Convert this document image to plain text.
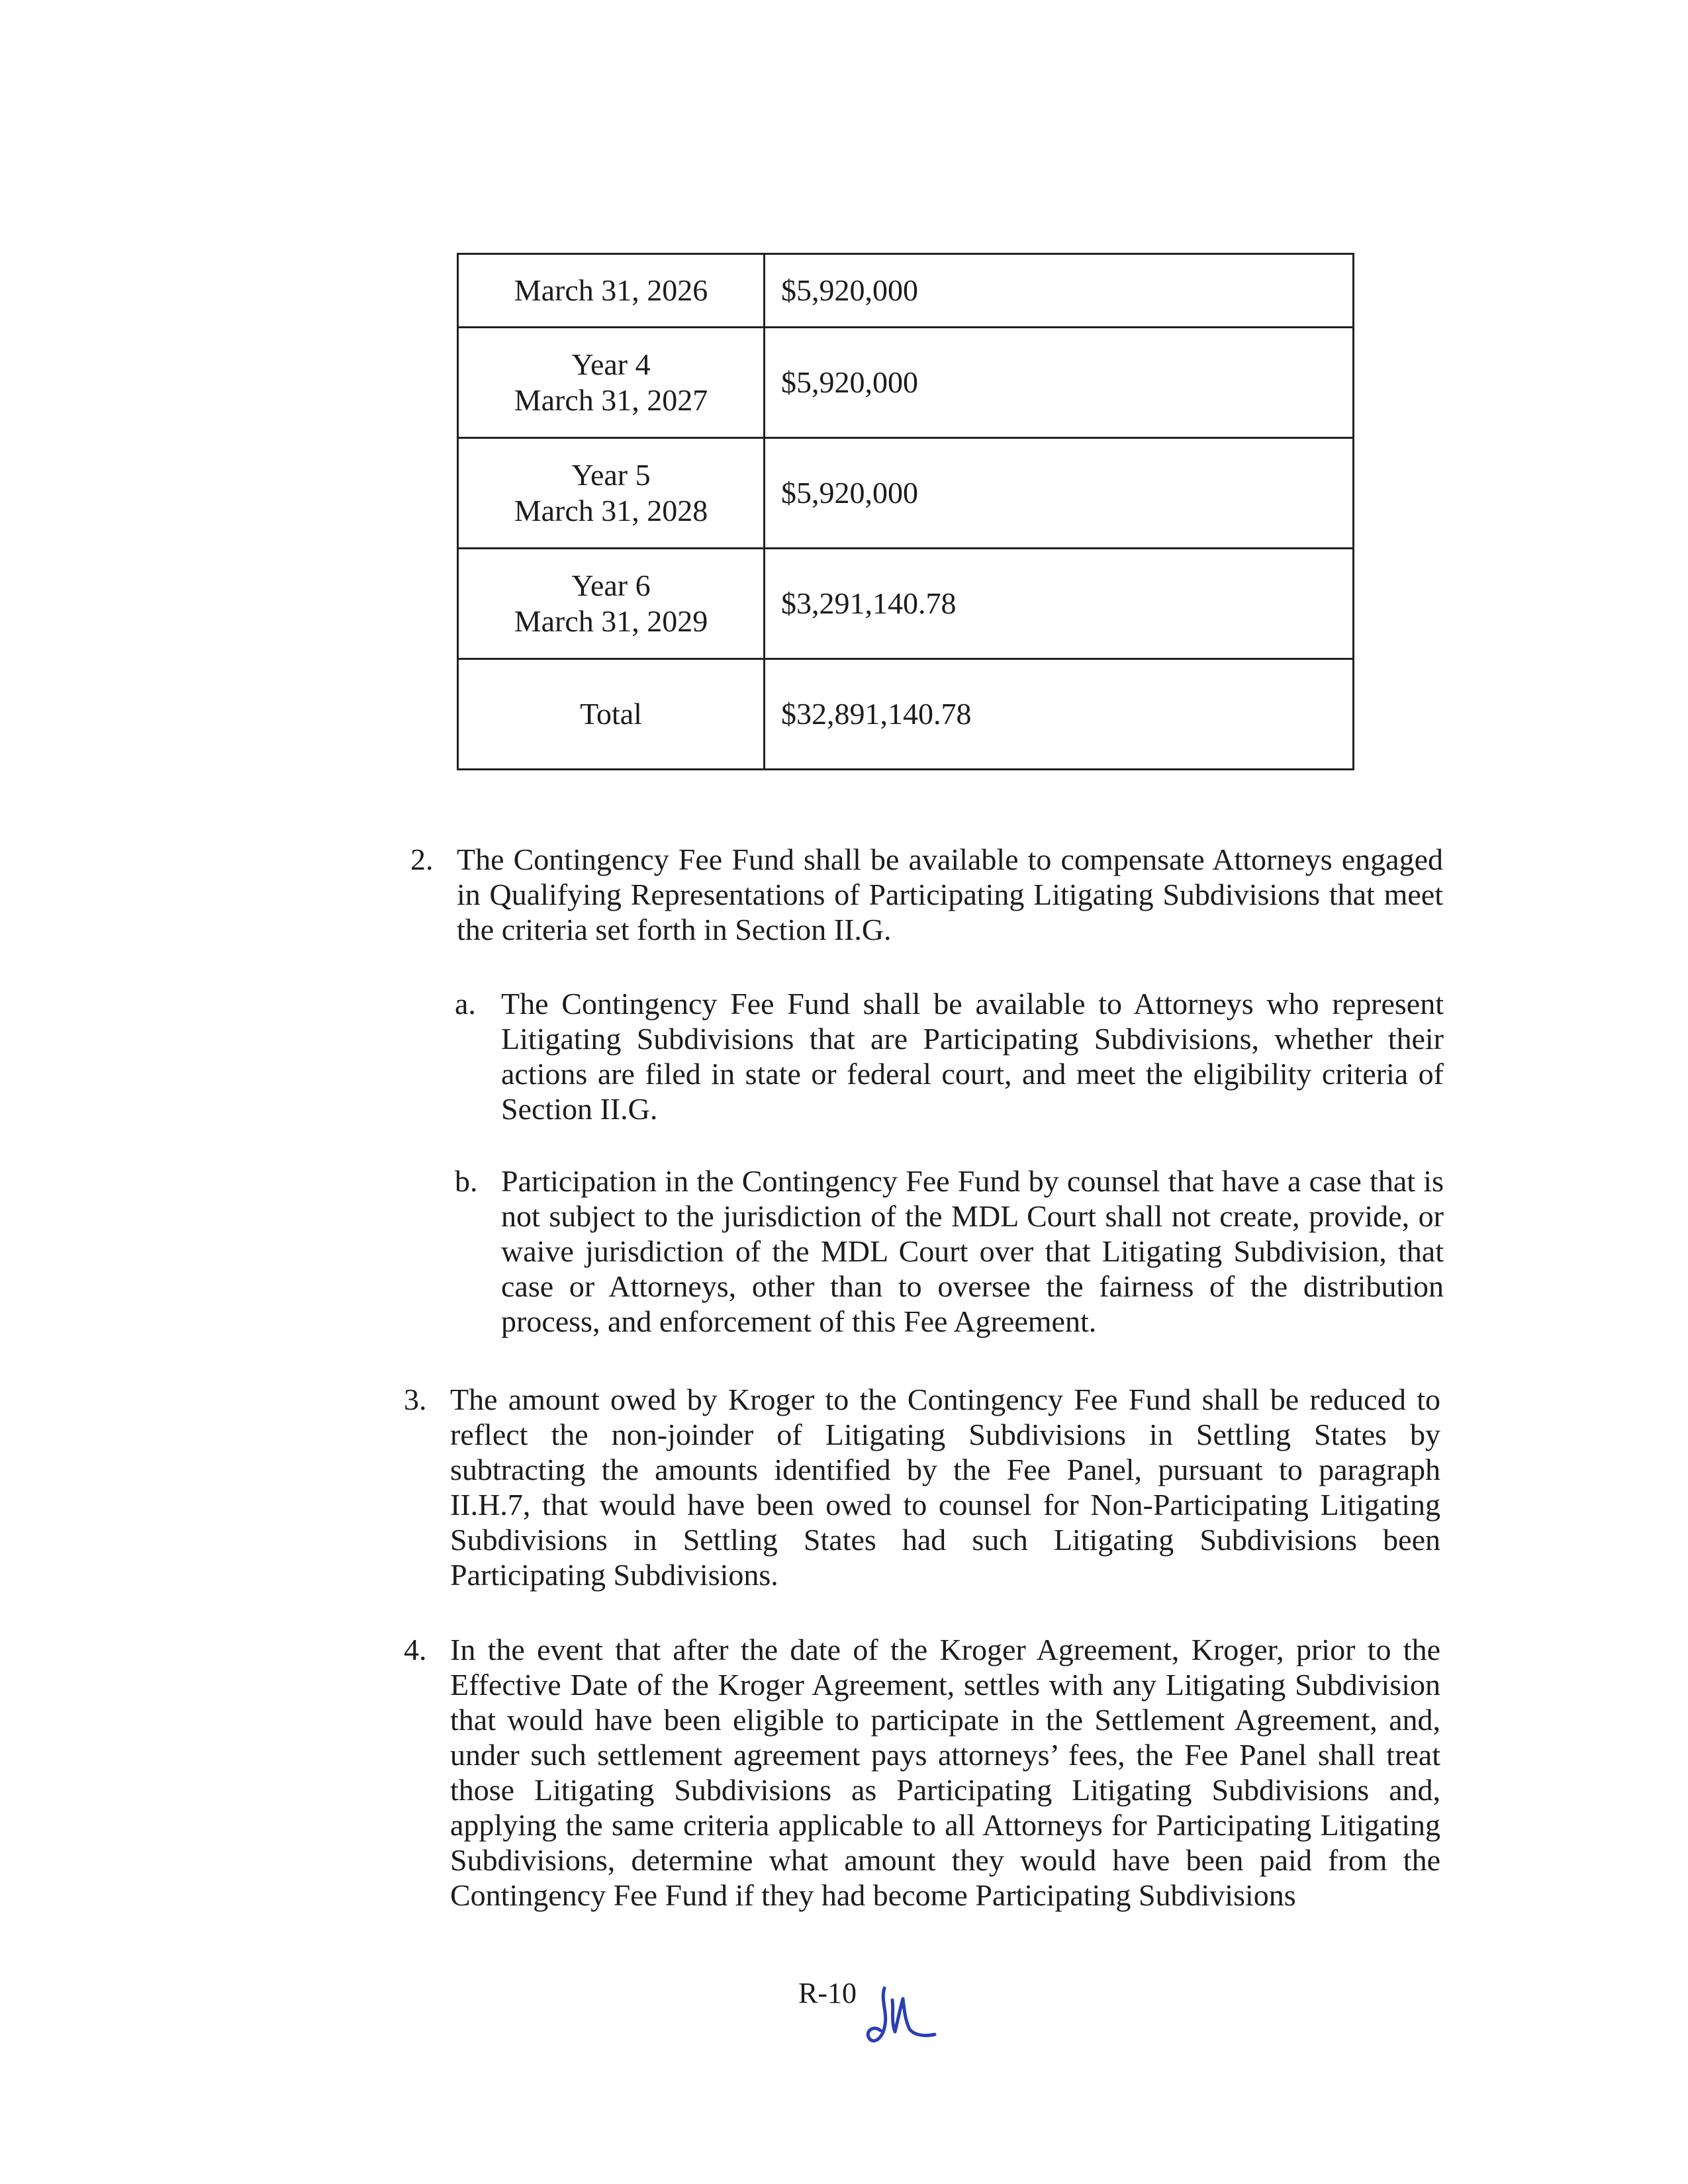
March 31, 2026	$5,920,000

Year 4
March 31, 2027	$5,920,000

Year 5
March 31, 2028	$5,920,000

Year 6
March 31, 2029	$3,291,140.78
Total	$32,891,140.78
2. The Contingency Fee Fund shall be available to compensate Attorneys engaged in Qualifying Representations of Participating Litigating Subdivisions that meet the criteria set forth in Section II.G.
a. The Contingency Fee Fund shall be available to Attorneys who represent Litigating Subdivisions that are Participating Subdivisions, whether their actions are filed in state or federal court, and meet the eligibility criteria of Section II.G.
b. Participation in the Contingency Fee Fund by counsel that have a case that is not subject to the jurisdiction of the MDL Court shall not create, provide, or waive jurisdiction of the MDL Court over that Litigating Subdivision, that case or Attorneys, other than to oversee the fairness of the distribution process, and enforcement of this Fee Agreement.
3. The amount owed by Kroger to the Contingency Fee Fund shall be reduced to reflect the non-joinder of Litigating Subdivisions in Settling States by subtracting the amounts identified by the Fee Panel, pursuant to paragraph II.H.7, that would have been owed to counsel for Non-Participating Litigating Subdivisions in Settling States had such Litigating Subdivisions been Participating Subdivisions.
4. In the event that after the date of the Kroger Agreement, Kroger, prior to the Effective Date of the Kroger Agreement, settles with any Litigating Subdivision that would have been eligible to participate in the Settlement Agreement, and, under such settlement agreement pays attorneys’ fees, the Fee Panel shall treat those Litigating Subdivisions as Participating Litigating Subdivisions and, applying the same criteria applicable to all Attorneys for Participating Litigating Subdivisions, determine what amount they would have been paid from the Contingency Fee Fund if they had become Participating Subdivisions
R-10
